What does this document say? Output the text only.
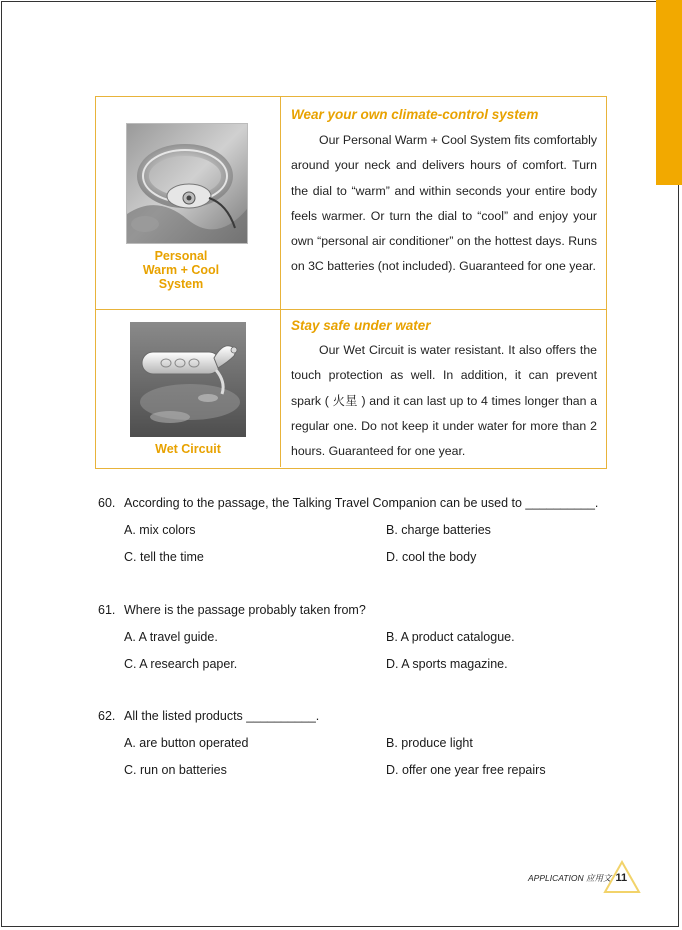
Personal
Warm + Cool
System

Wear your own climate-control system

Our Personal Warm + Cool System fits comfortably around your neck and delivers hours of comfort. Turn the dial to “warm” and within seconds your entire body feels warmer. Or turn the dial to “cool” and enjoy your own “personal air conditioner” on the hottest days. Runs on 3C batteries (not included). Guaranteed for one year.

Wet Circuit

Stay safe under water

Our Wet Circuit is water resistant. It also offers the touch protection as well. In addition, it can prevent spark ( 火星 ) and it can last up to 4 times longer than a regular one. Do not keep it under water for more than 2 hours. Guaranteed for one year.

60. According to the passage, the Talking Travel Companion can be used to __________.
A. mix colors	B. charge batteries
C. tell the time	D. cool the body
61. Where is the passage probably taken from?
A. A travel guide.	B. A product catalogue.
C. A research paper.	D. A sports magazine.
62. All the listed products __________.
A. are button operated	B. produce light
C. run on batteries	D. offer one year free repairs
APPLICATION 应用文 11
